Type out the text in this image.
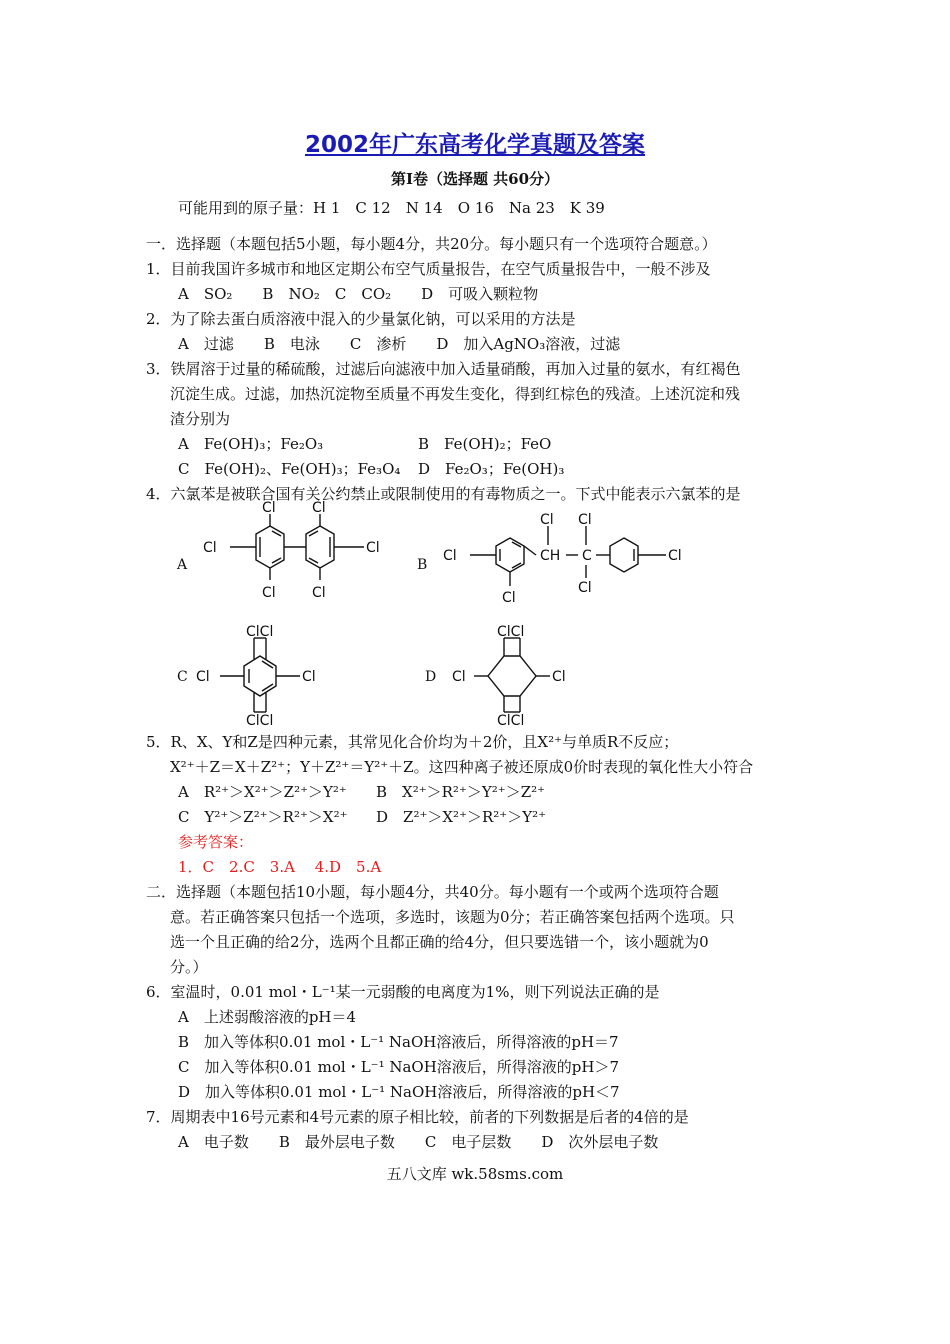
2002年广东高考化学真题及答案
第Ⅰ卷（选择题 共60分）
可能用到的原子量：H 1　C 12　N 14　O 16　Na 23　K 39
一．选择题（本题包括5小题，每小题4分，共20分。每小题只有一个选项符合题意。）
1．目前我国许多城市和地区定期公布空气质量报告，在空气质量报告中，一般不涉及
A　SO₂　　B　NO₂　C　CO₂　　D　可吸入颗粒物
2．为了除去蛋白质溶液中混入的少量氯化钠，可以采用的方法是
A　过滤　　B　电泳　　C　渗析　　D　加入AgNO₃溶液，过滤
3．铁屑溶于过量的稀硫酸，过滤后向滤液中加入适量硝酸，再加入过量的氨水，有红褐色
沉淀生成。过滤，加热沉淀物至质量不再发生变化，得到红棕色的残渣。上述沉淀和残
渣分别为
A　Fe(OH)₃；Fe₂O₃	B　Fe(OH)₂；FeO
C　Fe(OH)₂、Fe(OH)₃；Fe₃O₄ D　Fe₂O₃；Fe(OH)₃
4．六氯苯是被联合国有关公约禁止或限制使用的有毒物质之一。下式中能表示六氯苯的是
A	B
C	D
Cl
Cl
Cl
Cl
Cl
Cl
Cl Cl
CH C
Cl
Cl
Cl
Cl
ClCl
ClCl
Cl	Cl
ClCl
ClCl
Cl	Cl
5．R、X、Y和Z是四种元素，其常见化合价均为＋2价，且X²⁺与单质R不反应；
X²⁺＋Z＝X＋Z²⁺；Y＋Z²⁺＝Y²⁺＋Z。这四种离子被还原成0价时表现的氧化性大小符合
A　R²⁺＞X²⁺＞Z²⁺＞Y²⁺ B　X²⁺＞R²⁺＞Y²⁺＞Z²⁺
C　Y²⁺＞Z²⁺＞R²⁺＞X²⁺ D　Z²⁺＞X²⁺＞R²⁺＞Y²⁺
参考答案：
1．C　2.C　3.A　 4.D　5.A
二．选择题（本题包括10小题，每小题4分，共40分。每小题有一个或两个选项符合题
意。若正确答案只包括一个选项，多选时，该题为0分；若正确答案包括两个选项。只
选一个且正确的给2分，选两个且都正确的给4分，但只要选错一个，该小题就为0
分。）
6．室温时，0.01 mol・L⁻¹某一元弱酸的电离度为1%，则下列说法正确的是
A　上述弱酸溶液的pH＝4
B　加入等体积0.01 mol・L⁻¹ NaOH溶液后，所得溶液的pH＝7
C　加入等体积0.01 mol・L⁻¹ NaOH溶液后，所得溶液的pH＞7
D　加入等体积0.01 mol・L⁻¹ NaOH溶液后，所得溶液的pH＜7
7．周期表中16号元素和4号元素的原子相比较，前者的下列数据是后者的4倍的是
A　电子数　　B　最外层电子数　　C　电子层数　　D　次外层电子数
五八文库 wk.58sms.com
